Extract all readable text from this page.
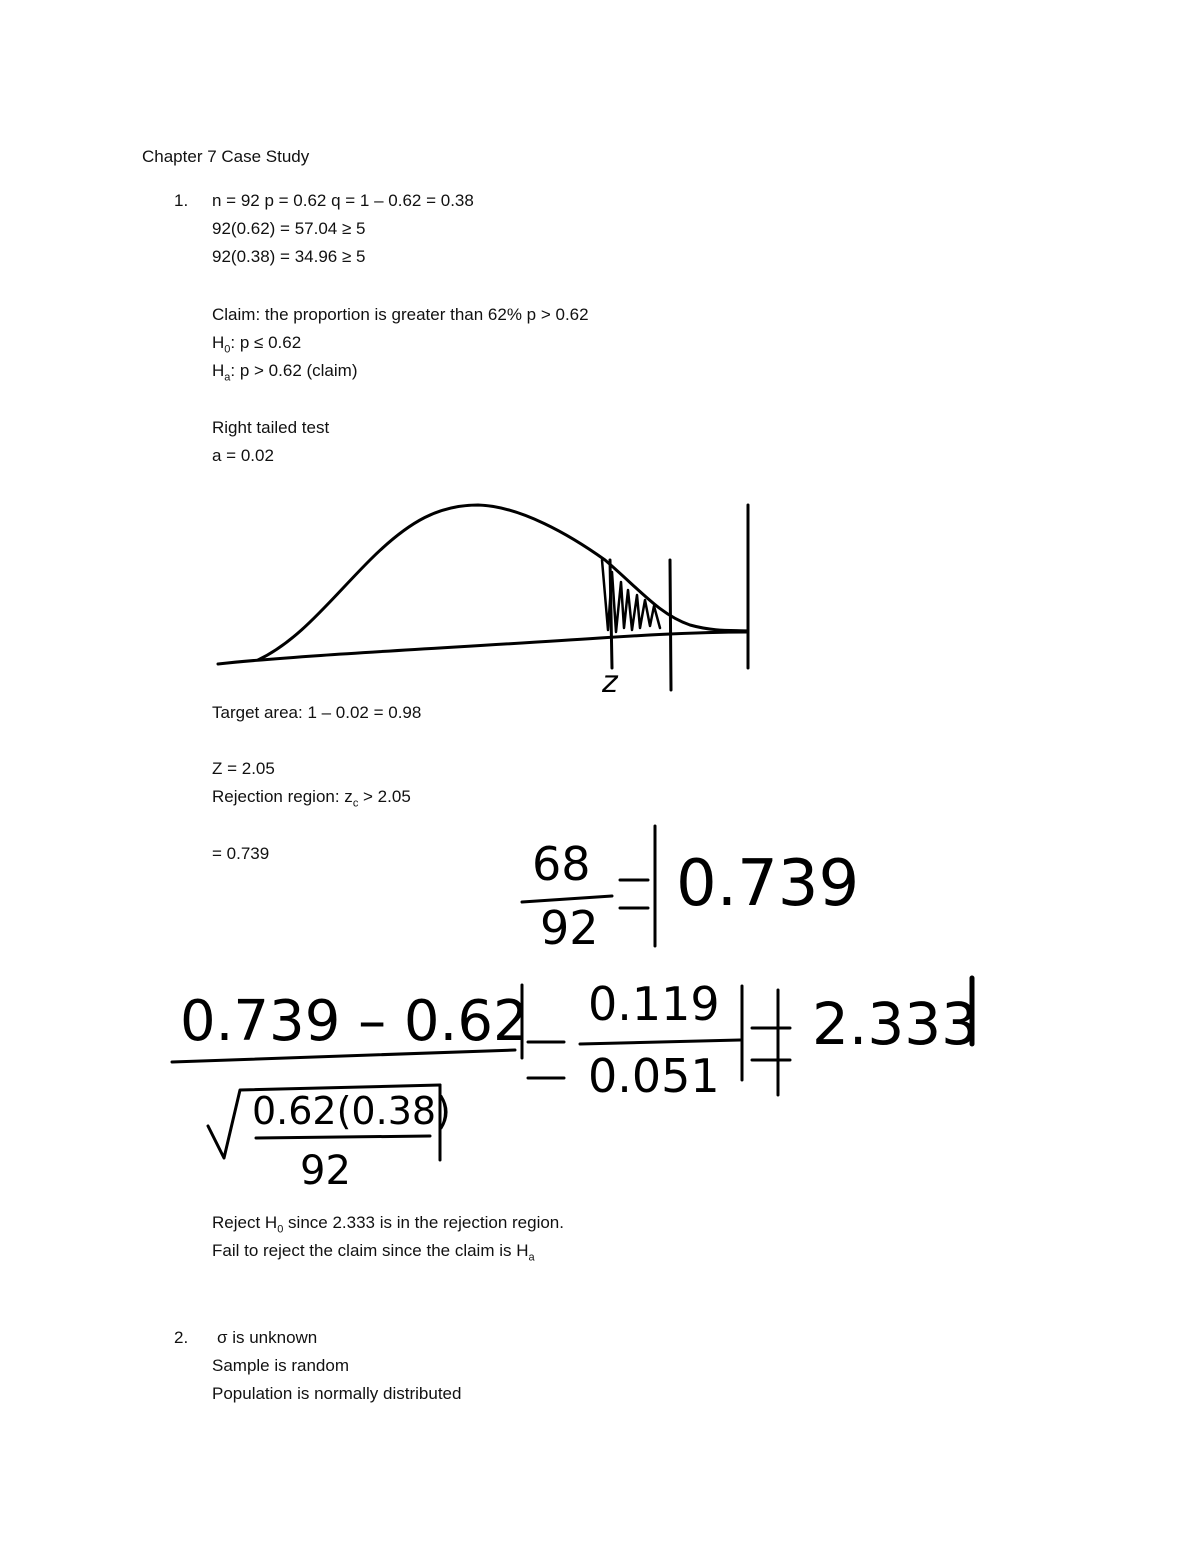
Chapter 7 Case Study
1. n = 92 p = 0.62 q = 1 – 0.62 = 0.38
92(0.62) = 57.04 ≥ 5
92(0.38) = 34.96 ≥ 5
Claim: the proportion is greater than 62% p > 0.62
$H_0$: p ≤ 0.62
$H_a$: p > 0.62 (claim)
Right tailed test
a = 0.02
Target area: 1 – 0.02 = 0.98
Z = 2.05
Rejection region: $z_c > 2.05$
= 0.739
Reject $H_0$ since 2.333 is in the rejection region.
Fail to reject the claim since the claim is $H_a$
2. σ is unknown
Sample is random
Population is normally distributed
z
68
92
0.739
0.739 – 0.62
0.62(0.38)
92
0.119
0.051
2.333
